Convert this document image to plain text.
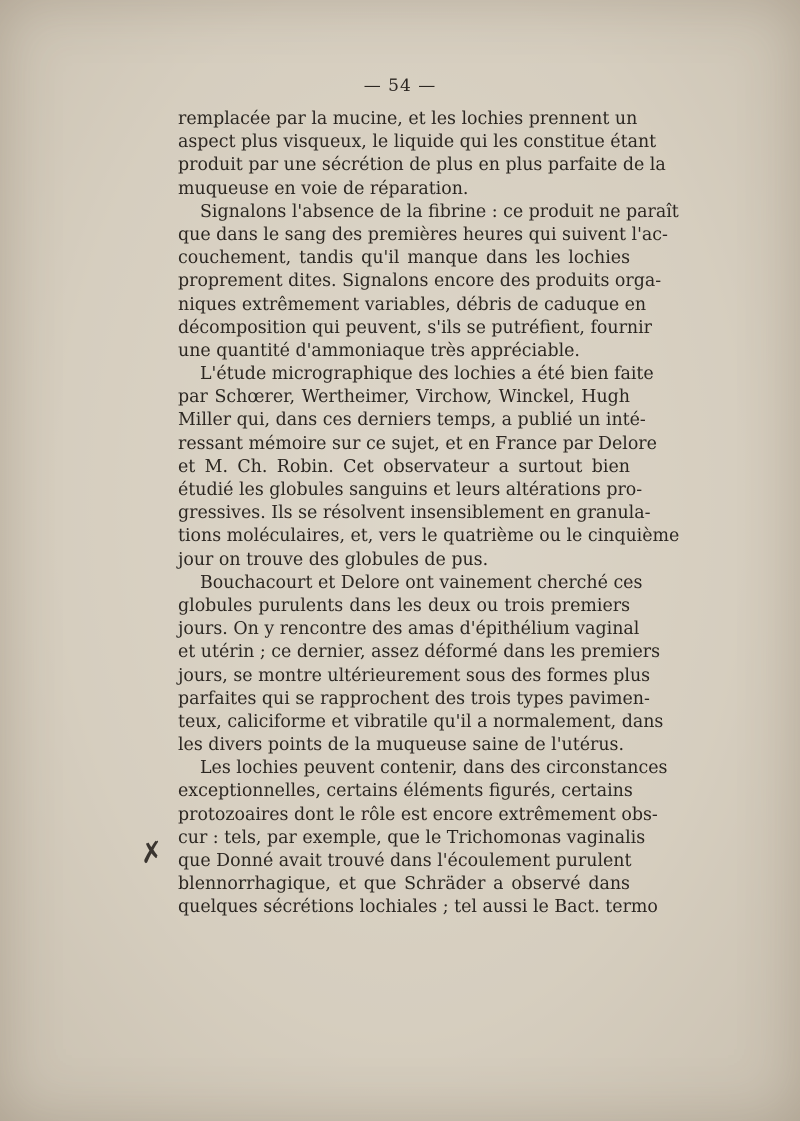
— 54 —
remplacée par la mucine, et les lochies prennent un
aspect plus visqueux, le liquide qui les constitue étant
produit par une sécrétion de plus en plus parfaite de la
muqueuse en voie de réparation.
Signalons l'absence de la fibrine : ce produit ne paraît
que dans le sang des premières heures qui suivent l'ac-
couchement, tandis qu'il manque dans les lochies
proprement dites. Signalons encore des produits orga-
niques extrêmement variables, débris de caduque en
décomposition qui peuvent, s'ils se putréfient, fournir
une quantité d'ammoniaque très appréciable.
L'étude micrographique des lochies a été bien faite
par Schœrer, Wertheimer, Virchow, Winckel, Hugh
Miller qui, dans ces derniers temps, a publié un inté-
ressant mémoire sur ce sujet, et en France par Delore
et M. Ch. Robin. Cet observateur a surtout bien
étudié les globules sanguins et leurs altérations pro-
gressives. Ils se résolvent insensiblement en granula-
tions moléculaires, et, vers le quatrième ou le cinquième
jour on trouve des globules de pus.
Bouchacourt et Delore ont vainement cherché ces
globules purulents dans les deux ou trois premiers
jours. On y rencontre des amas d'épithélium vaginal
et utérin ; ce dernier, assez déformé dans les premiers
jours, se montre ultérieurement sous des formes plus
parfaites qui se rapprochent des trois types pavimen-
teux, caliciforme et vibratile qu'il a normalement, dans
les divers points de la muqueuse saine de l'utérus.
Les lochies peuvent contenir, dans des circonstances
exceptionnelles, certains éléments figurés, certains
protozoaires dont le rôle est encore extrêmement obs-
cur : tels, par exemple, que le Trichomonas vaginalis
que Donné avait trouvé dans l'écoulement purulent
blennorrhagique, et que Schräder a observé dans
quelques sécrétions lochiales ; tel aussi le Bact. termo
✗
